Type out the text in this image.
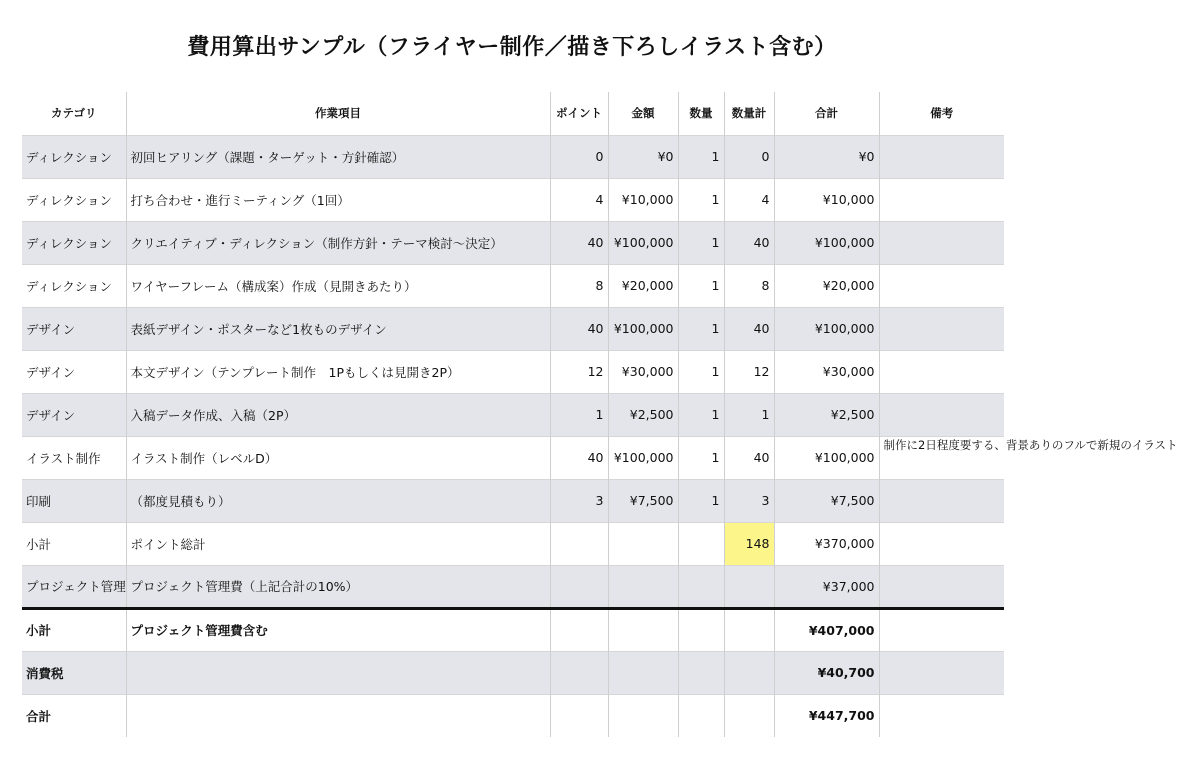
費用算出サンプル（フライヤー制作／描き下ろしイラスト含む）
カテゴリ	作業項目	ポイント	金額	数量	数量計	合計	備考
ディレクション	初回ヒアリング（課題・ターゲット・方針確認）	0	¥0	1	0	¥0	

ディレクション	打ち合わせ・進行ミーティング（1回）	4	¥10,000	1	4	¥10,000	

ディレクション	クリエイティブ・ディレクション（制作方針・テーマ検討〜決定）	40	¥100,000	1	40	¥100,000	

ディレクション	ワイヤーフレーム（構成案）作成（見開きあたり）	8	¥20,000	1	8	¥20,000	

デザイン	表紙デザイン・ポスターなど1枚ものデザイン	40	¥100,000	1	40	¥100,000	

デザイン	本文デザイン（テンプレート制作　1Pもしくは見開き2P）	12	¥30,000	1	12	¥30,000	

デザイン	入稿データ作成、入稿（2P）	1	¥2,500	1	1	¥2,500	

イラスト制作	イラスト制作（レベルD）	40	¥100,000	1	40	¥100,000	制作に2日程度要する、背景ありのフルで新規のイラスト

印刷	（都度見積もり）	3	¥7,500	1	3	¥7,500	

小計	ポイント総計				148	¥370,000	
プロジェクト管理	プロジェクト管理費（上記合計の10%）					¥37,000	
小計	プロジェクト管理費含む					¥407,000	
消費税						¥40,700	
合計						¥447,700	
